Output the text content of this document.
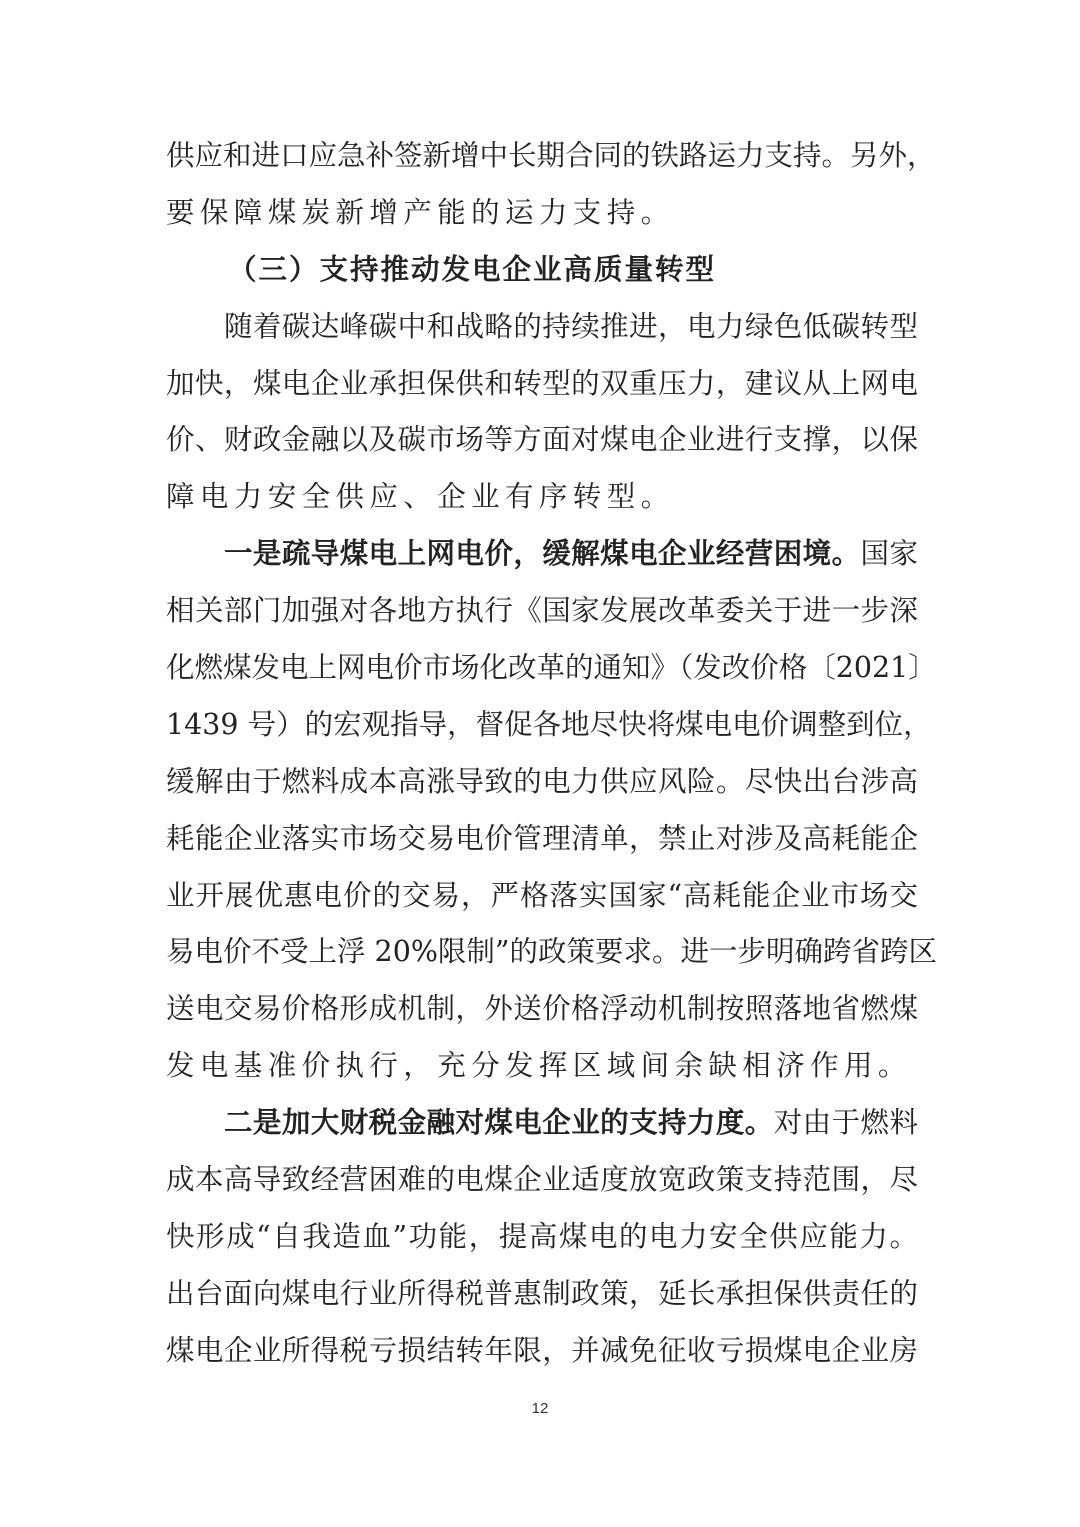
供应和进口应急补签新增中长期合同的铁路运力支持。另外，
要保障煤炭新增产能的运力支持。
（三）支持推动发电企业高质量转型
随着碳达峰碳中和战略的持续推进，电力绿色低碳转型
加快，煤电企业承担保供和转型的双重压力，建议从上网电
价、财政金融以及碳市场等方面对煤电企业进行支撑，以保
障电力安全供应、企业有序转型。
一是疏导煤电上网电价，缓解煤电企业经营困境。国家
相关部门加强对各地方执行《国家发展改革委关于进一步深
化燃煤发电上网电价市场化改革的通知》（发改价格〔2021〕
1439 号）的宏观指导，督促各地尽快将煤电电价调整到位，
缓解由于燃料成本高涨导致的电力供应风险。尽快出台涉高
耗能企业落实市场交易电价管理清单，禁止对涉及高耗能企
业开展优惠电价的交易，严格落实国家“高耗能企业市场交
易电价不受上浮 20%限制”的政策要求。进一步明确跨省跨区
送电交易价格形成机制，外送价格浮动机制按照落地省燃煤
发电基准价执行，充分发挥区域间余缺相济作用。
二是加大财税金融对煤电企业的支持力度。对由于燃料
成本高导致经营困难的电煤企业适度放宽政策支持范围，尽
快形成“自我造血”功能，提高煤电的电力安全供应能力。
出台面向煤电行业所得税普惠制政策，延长承担保供责任的
煤电企业所得税亏损结转年限，并减免征收亏损煤电企业房
12
